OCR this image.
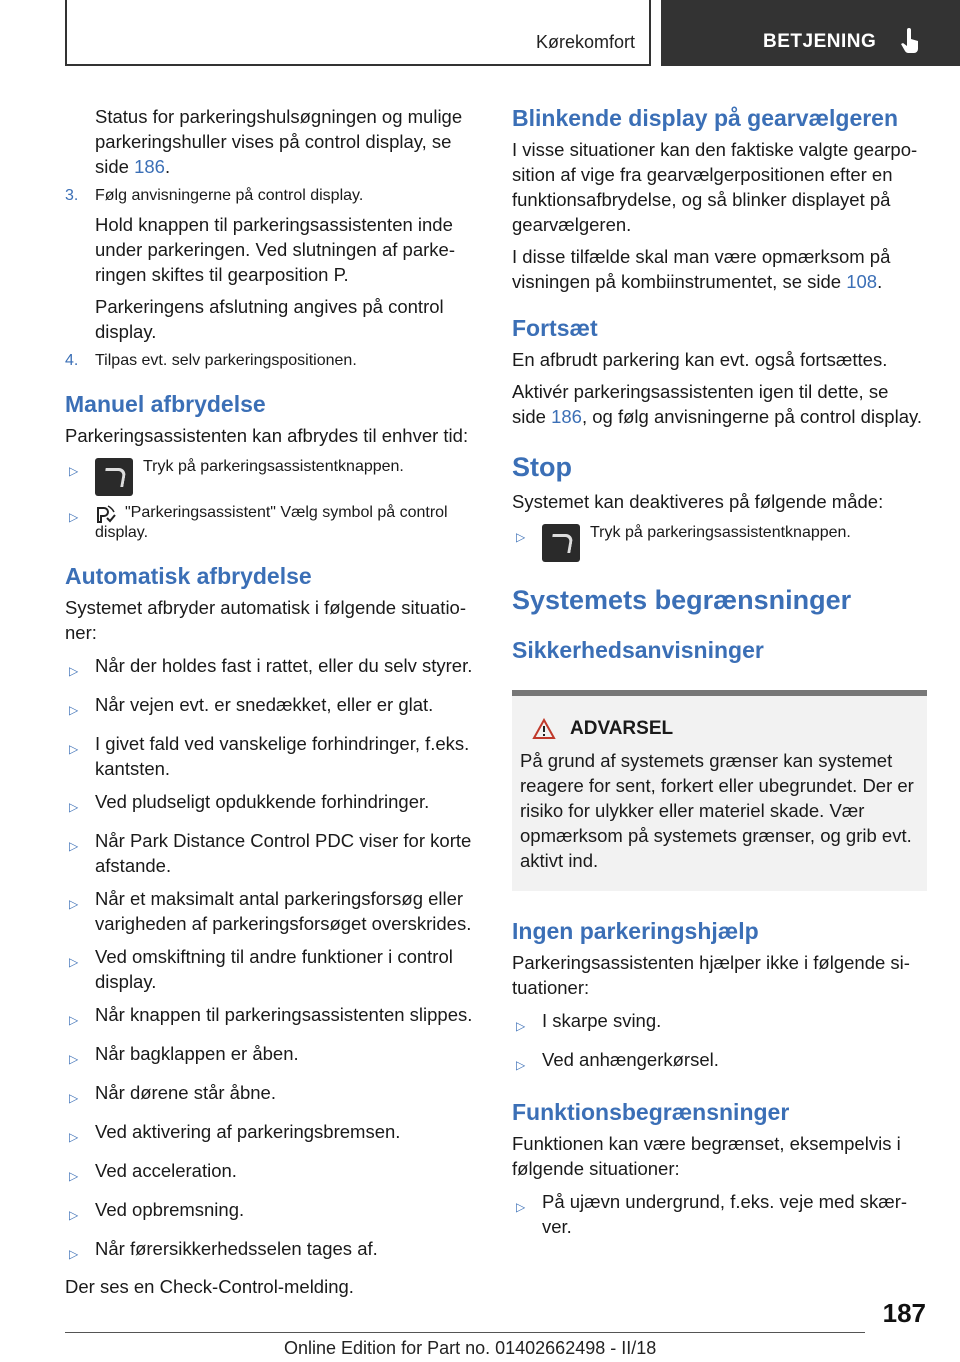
Kørekomfort	BETJENING

Status for parkeringshulsøgningen og mulige parkeringshuller vises på control display, se side 186.

3.	Følg anvisningerne på control display.

Hold knappen til parkeringsassistenten inde under parkeringen. Ved slutningen af parkeringen skiftes til gearposition P.

Parkeringens afslutning angives på control display.

4.	Tilpas evt. selv parkeringspositionen.
Manuel afbrydelse

Parkeringsassistenten kan afbrydes til enhver tid:

▷	Tryk på parkeringsassistentknappen.
▷	"Parkeringsassistent" Vælg symbol på control display.
Automatisk afbrydelse

Systemet afbryder automatisk i følgende situationer:

▷ Når der holdes fast i rattet, eller du selv styrer.
▷ Når vejen evt. er snedækket, eller er glat.
▷ I givet fald ved vanskelige forhindringer, f.eks. kantsten.
▷ Ved pludseligt opdukkende forhindringer.
▷ Når Park Distance Control PDC viser for korte afstande.
▷ Når et maksimalt antal parkeringsforsøg eller varigheden af parkeringsforsøget overskrides.
▷ Ved omskiftning til andre funktioner i control display.
▷ Når knappen til parkeringsassistenten slippes.
▷ Når bagklappen er åben.
▷ Når dørene står åbne.
▷ Ved aktivering af parkeringsbremsen.
▷ Ved acceleration.
▷ Ved opbremsning.
▷ Når førersikkerhedsselen tages af.

Der ses en Check-Control-melding.

Blinkende display på gearvælgeren

I visse situationer kan den faktiske valgte gearposition af vige fra gearvælgerpositionen efter en funktionsafbrydelse, og så blinker displayet på gearvælgeren.

I disse tilfælde skal man være opmærksom på visningen på kombiinstrumentet, se side 108.

Fortsæt

En afbrudt parkering kan evt. også fortsættes.

Aktivér parkeringsassistenten igen til dette, se side 186, og følg anvisningerne på control display.

Stop

Systemet kan deaktiveres på følgende måde:

▷	Tryk på parkeringsassistentknappen.
Systemets begrænsninger
Sikkerhedsanvisninger
ADVARSEL

På grund af systemets grænser kan systemet reagere for sent, forkert eller ubegrundet. Der er risiko for ulykker eller materiel skade. Vær opmærksom på systemets grænser, og grib evt. aktivt ind.

Ingen parkeringshjælp

Parkeringsassistenten hjælper ikke i følgende situationer:

▷ I skarpe sving.
▷ Ved anhængerkørsel.
Funktionsbegrænsninger

Funktionen kan være begrænset, eksempelvis i følgende situationer:

▷ På ujævn undergrund, f.eks. veje med skærver.
187
Online Edition for Part no. 01402662498 - II/18
